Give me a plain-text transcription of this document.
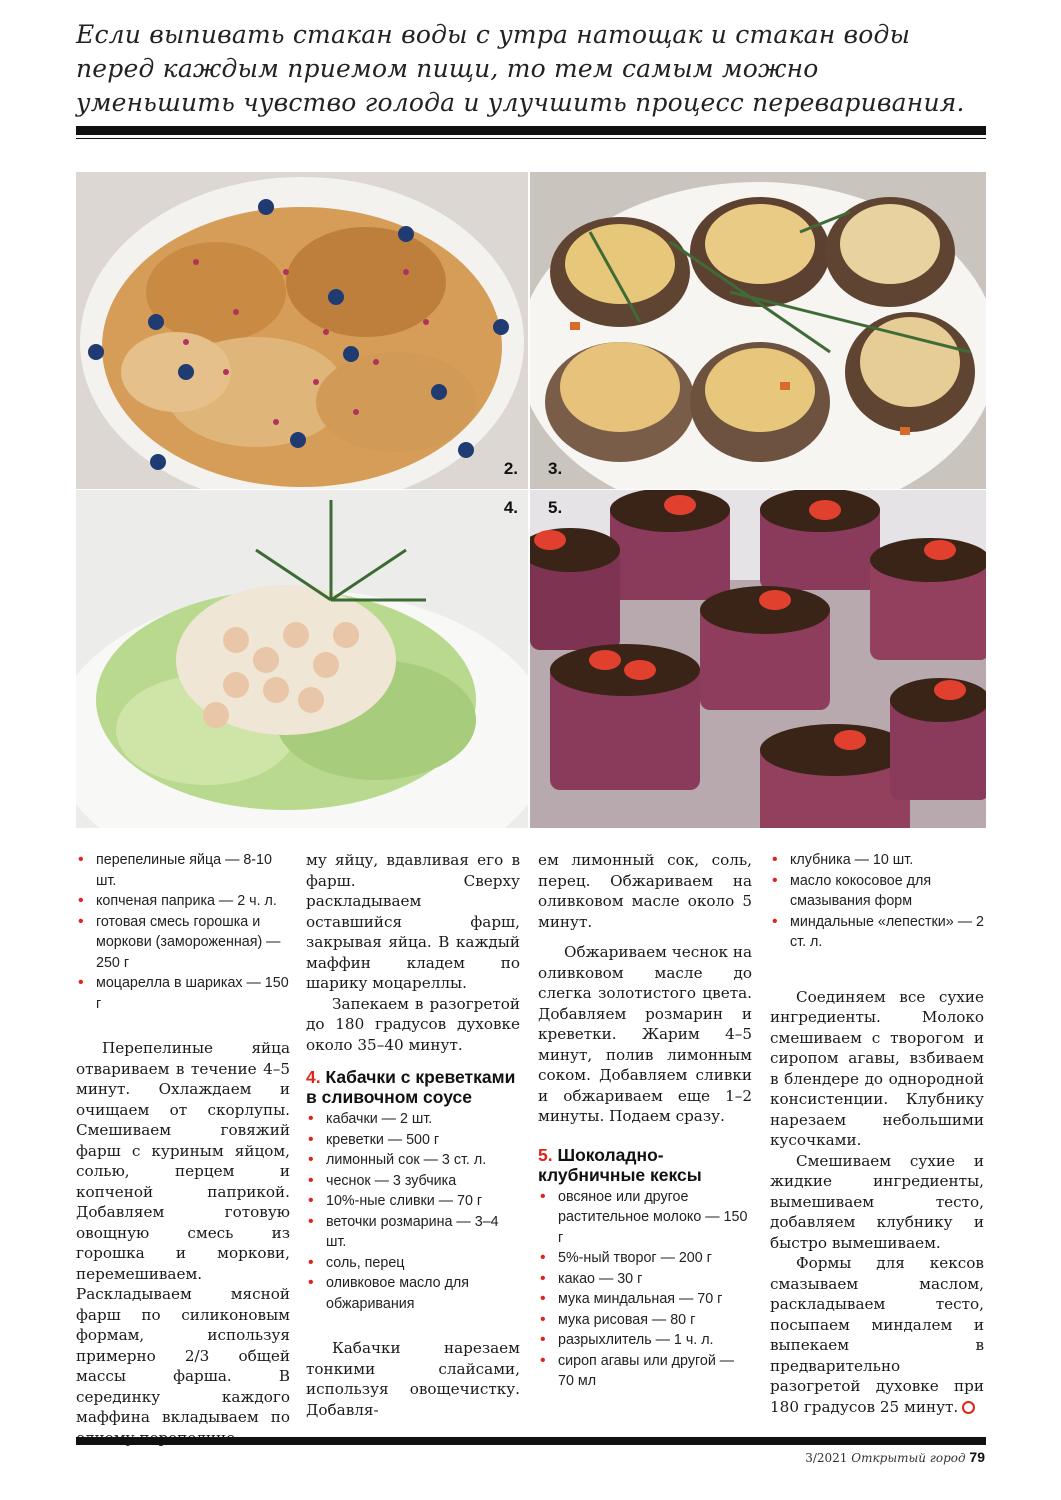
Если выпивать стакан воды с утра натощак и стакан воды перед каждым приемом пищи, то тем самым можно уменьшить чувство голода и улучшить процесс переваривания.
2. 3.
4. 5.
• перепелиные яйца — 8-10 шт.
• копченая паприка — 2 ч. л.
• готовая смесь горошка и моркови (замороженная) — 250 г
• моцарелла в шариках — 150 г

Перепелиные яйца отвариваем в течение 4–5 минут. Охлаждаем и очищаем от скорлупы. Смешиваем говяжий фарш с куриным яйцом, солью, перцем и копченой паприкой. Добавляем готовую овощную смесь из горошка и моркови, перемешиваем. Раскладываем мясной фарш по силиконовым формам, используя примерно 2/3 общей массы фарша. В серединку каждого маффина вкладываем по

му яйцу, вдавливая его в фарш. Сверху раскладываем оставшийся фарш, закрывая яйца. В каждый маффин кладем по шарику моцареллы.

Запекаем в разогретой до 180 градусов духовке около 35–40 минут.

4. Кабачки с креветками в сливочном соусе
• кабачки — 2 шт.
• креветки — 500 г
• лимонный сок — 3 ст. л.
• чеснок — 3 зубчика
• 10%-ные сливки — 70 г
• веточки розмарина — 3–4 шт.
• соль, перец
• оливковое масло для обжаривания

Кабачки нарезаем тонкими слайсами, используя овощечистку. Добавля-

ем лимонный сок, соль, перец. Обжариваем на оливковом масле около 5 минут.

Обжариваем чеснок на оливковом масле до слегка золотистого цвета. Добавляем розмарин и креветки. Жарим 4–5 минут, полив лимонным соком. Добавляем сливки и обжариваем еще 1–2 минуты. Подаем сразу.

5. Шоколадно-клубничные кексы
• овсяное или другое растительное молоко — 150 г
• 5%-ный творог — 200 г
• какао — 30 г
• мука миндальная — 70 г
• мука рисовая — 80 г
• разрыхлитель — 1 ч. л.
• сироп агавы или другой — 70 мл
• клубника — 10 шт.
• масло кокосовое для смазывания форм
• миндальные «лепестки» — 2 ст. л.

Соединяем все сухие ингредиенты. Молоко смешиваем с творогом и сиропом агавы, взбиваем в блендере до однородной консистенции. Клубнику нарезаем небольшими кусочками.

Смешиваем сухие и жидкие ингредиенты, вымешиваем тесто, добавляем клубнику и быстро вымешиваем.

Формы для кексов смазываем маслом, раскладываем тесто, посыпаем миндалем и выпекаем в предварительно разогретой духовке при 180 градусов 25 минут.

3/2021 Открытый город 79
